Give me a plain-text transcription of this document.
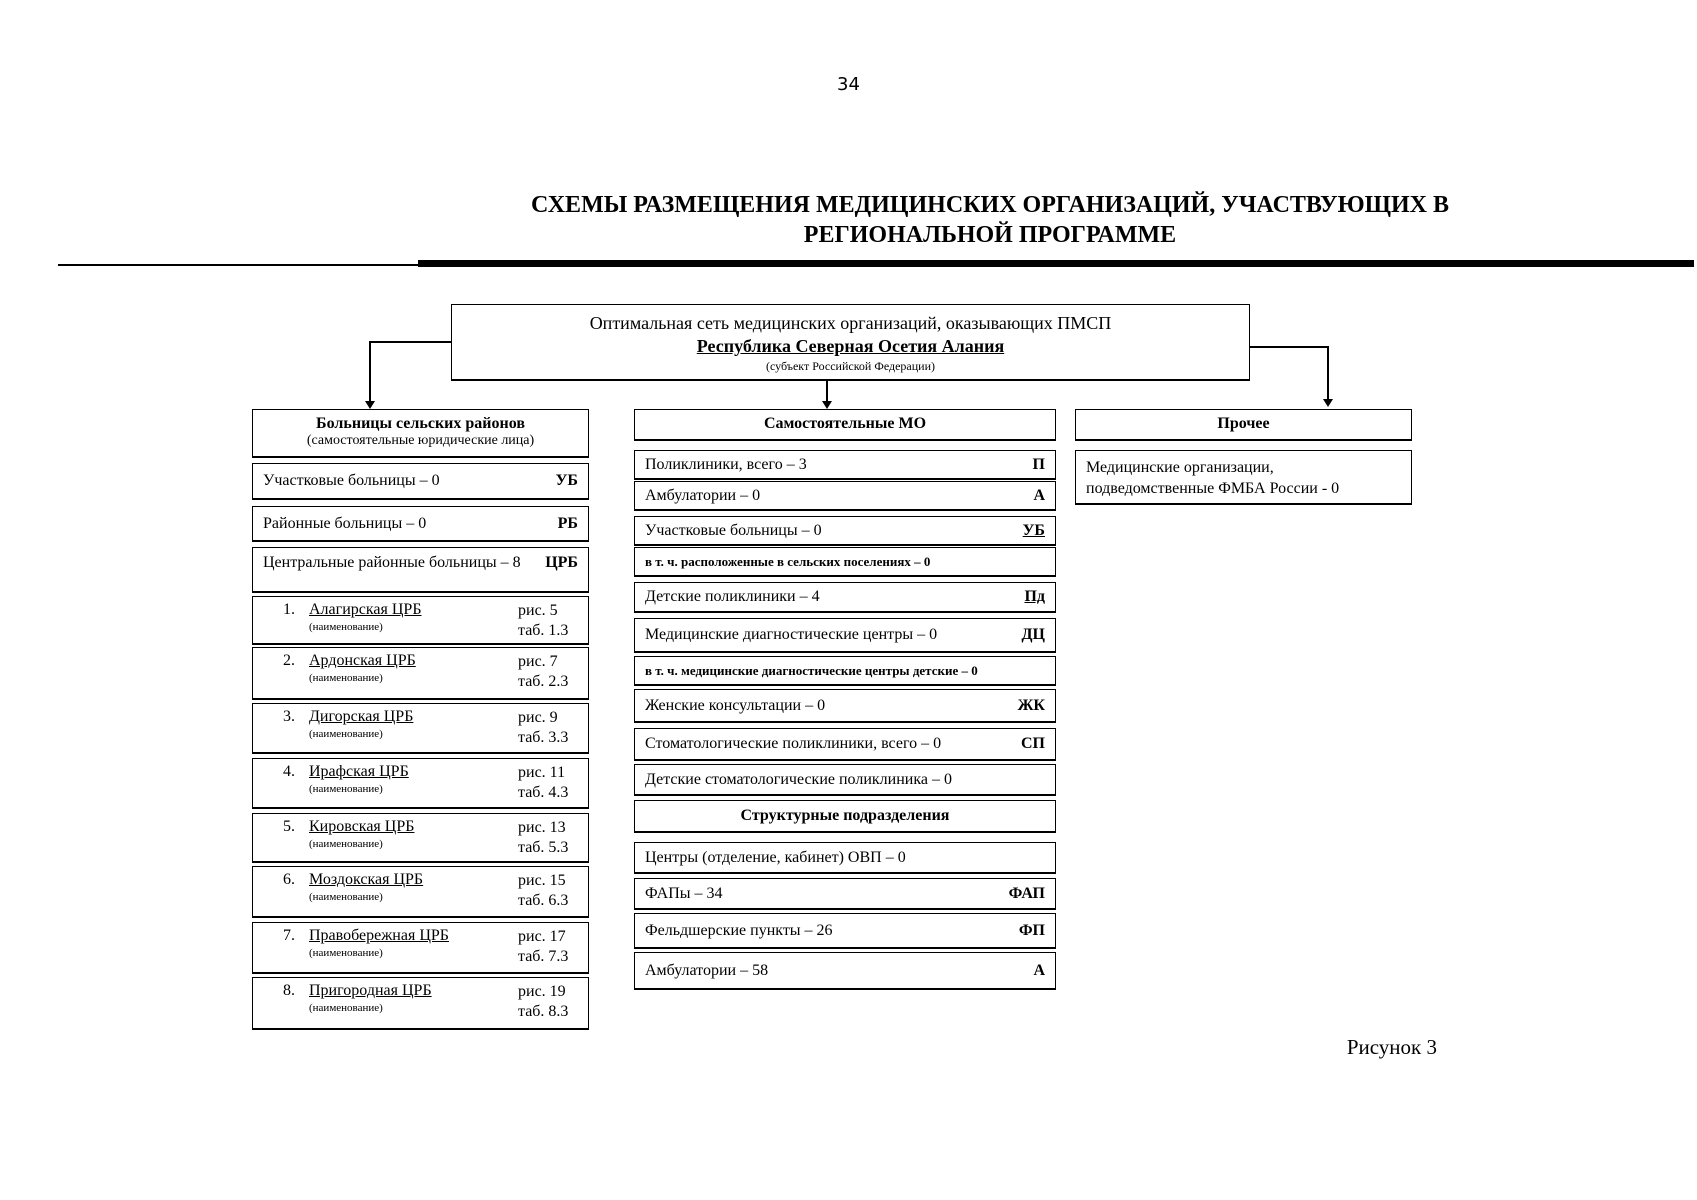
34
СХЕМЫ РАЗМЕЩЕНИЯ МЕДИЦИНСКИХ ОРГАНИЗАЦИЙ, УЧАСТВУЮЩИХ В РЕГИОНАЛЬНОЙ ПРОГРАММЕ
Оптимальная сеть медицинских организаций, оказывающих ПМСП
Республика Северная Осетия Алания
(субъект Российской Федерации)
Больницы сельских районов
(самостоятельные юридические лица)
Участковые больницы – 0	УБ
Районные больницы – 0	РБ
Центральные районные больницы – 8 ЦРБ
1. Алагирская ЦРБ
(наименование)
рис. 5
таб. 1.3
2. Ардонская ЦРБ
(наименование)
рис. 7
таб. 2.3
3. Дигорская ЦРБ
(наименование)
рис. 9
таб. 3.3
4. Ирафская ЦРБ
(наименование)
рис. 11
таб. 4.3
5. Кировская ЦРБ
(наименование)
рис. 13
таб. 5.3
6. Моздокская ЦРБ
(наименование)
рис. 15
таб. 6.3
7. Правобережная ЦРБ
(наименование)
рис. 17
таб. 7.3
8. Пригородная ЦРБ
(наименование)
рис. 19
таб. 8.3
Самостоятельные МО
Поликлиники, всего – 3	П
Амбулатории – 0	А
Участковые больницы – 0	УБ
в т. ч. расположенные в сельских поселениях – 0
Детские поликлиники – 4	Пд
Медицинские диагностические центры – 0	ДЦ
в т. ч. медицинские диагностические центры детские – 0
Женские консультации – 0	ЖК
Стоматологические поликлиники, всего – 0	СП
Детские стоматологические поликлиника – 0
Структурные подразделения
Центры (отделение, кабинет) ОВП – 0
ФАПы – 34	ФАП
Фельдшерские пункты – 26	ФП
Амбулатории – 58	А
Прочее
Медицинские организации,
подведомственные ФМБА России - 0
Рисунок 3
